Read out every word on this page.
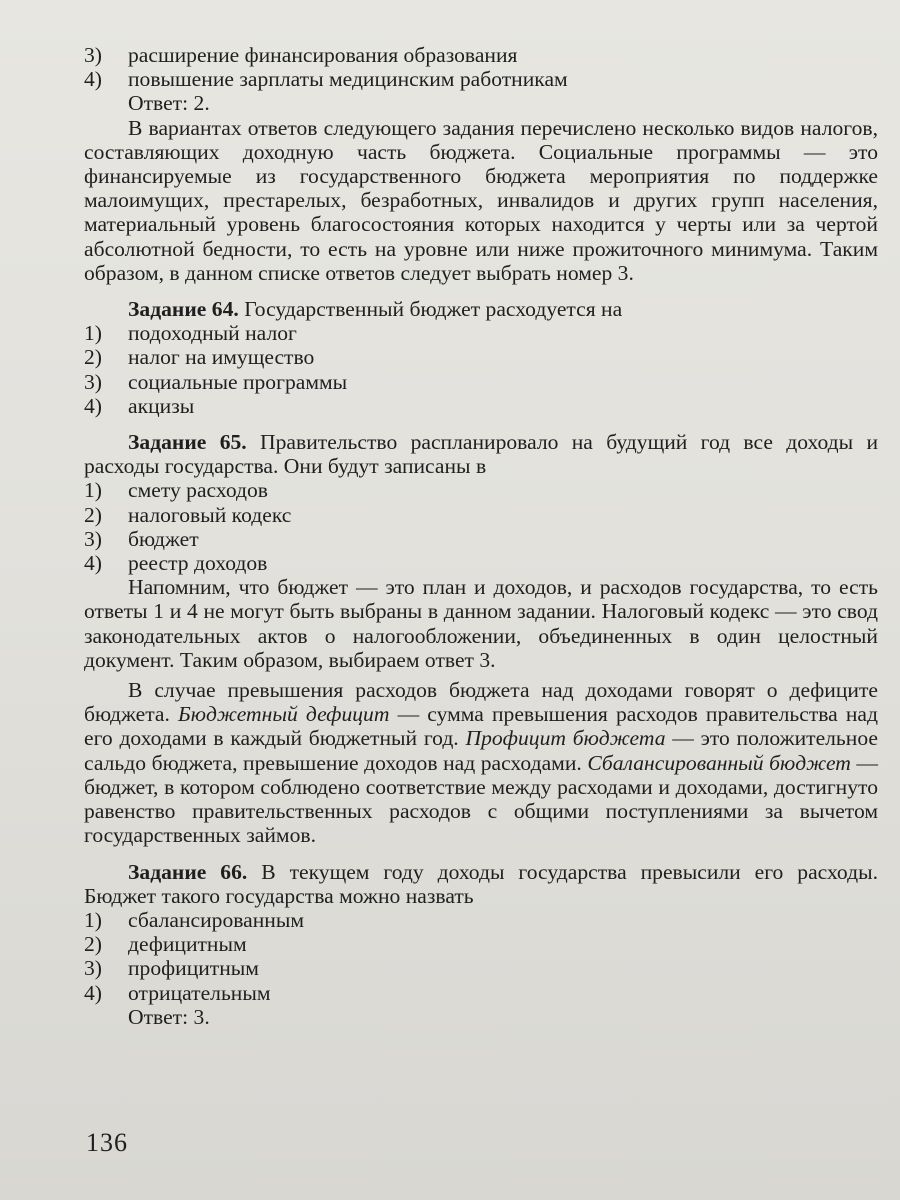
3)	расширение финансирования образования
4)	повышение зарплаты медицинским работникам
Ответ: 2.
В вариантах ответов следующего задания перечислено несколько видов налогов, составляющих доходную часть бюджета. Социальные программы — это финансируемые из государственного бюджета мероприятия по поддержке малоимущих, престарелых, безработных, инвалидов и других групп населения, материальный уровень благосостояния которых находится у черты или за чертой абсолютной бедности, то есть на уровне или ниже прожиточного минимума. Таким образом, в данном списке ответов следует выбрать номер 3.
Задание 64. Государственный бюджет расходуется на
1)	подоходный налог
2)	налог на имущество
3)	социальные программы
4)	акцизы
Задание 65. Правительство распланировало на будущий год все доходы и расходы государства. Они будут записаны в
1)	смету расходов
2)	налоговый кодекс
3)	бюджет
4)	реестр доходов
Напомним, что бюджет — это план и доходов, и расходов государства, то есть ответы 1 и 4 не могут быть выбраны в данном задании. Налоговый кодекс — это свод законодательных актов о налогообложении, объединенных в один целостный документ. Таким образом, выбираем ответ 3.
В случае превышения расходов бюджета над доходами говорят о дефиците бюджета. Бюджетный дефицит — сумма превышения расходов правительства над его доходами в каждый бюджетный год. Профицит бюджета — это положительное сальдо бюджета, превышение доходов над расходами. Сбалансированный бюджет — бюджет, в котором соблюдено соответствие между расходами и доходами, достигнуто равенство правительственных расходов с общими поступлениями за вычетом государственных займов.
Задание 66. В текущем году доходы государства превысили его расходы. Бюджет такого государства можно назвать
1)	сбалансированным
2)	дефицитным
3)	профицитным
4)	отрицательным
Ответ: 3.
136
